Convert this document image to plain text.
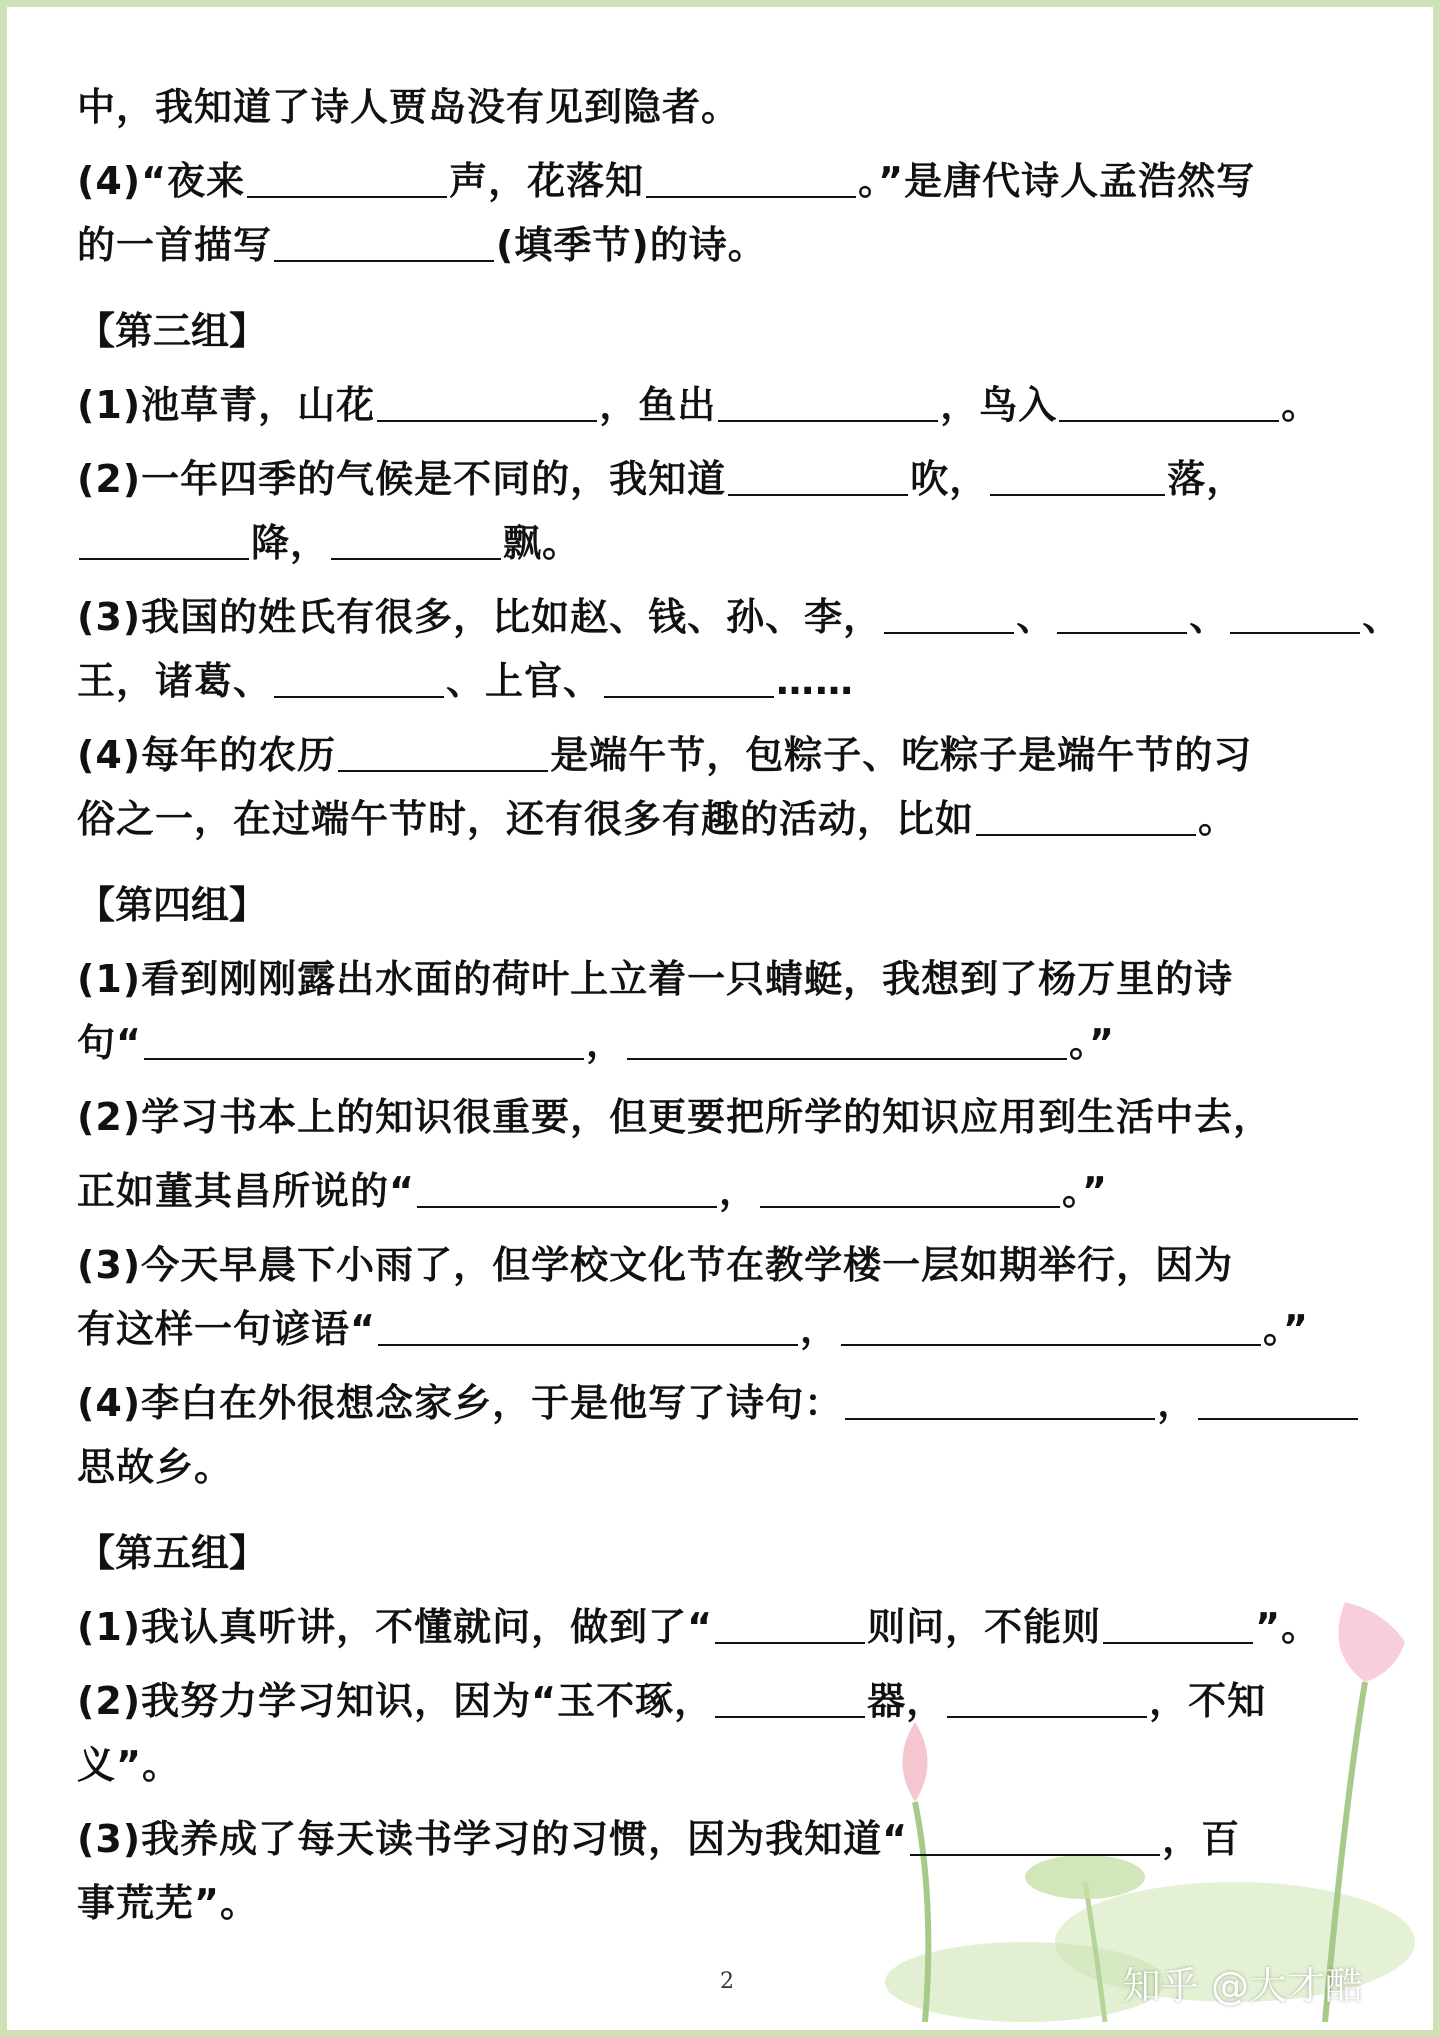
中，我知道了诗人贾岛没有见到隐者。
(4)“夜来	声，花落知	。”是唐代诗人孟浩然写
的一首描写	(填季节)的诗。
【第三组】
(1)池草青，山花	，鱼出	，鸟入	。
(2)一年四季的气候是不同的，我知道	吹，	落，
降，	飘。
(3)我国的姓氏有很多，比如赵、钱、孙、李，	、	、	、
王，诸葛、	、上官、	……
(4)每年的农历	是端午节，包粽子、吃粽子是端午节的习
俗之一，在过端午节时，还有很多有趣的活动，比如	。
【第四组】
(1)看到刚刚露出水面的荷叶上立着一只蜻蜓，我想到了杨万里的诗
句“	，	。”
(2)学习书本上的知识很重要，但更要把所学的知识应用到生活中去，
正如董其昌所说的“	，	。”
(3)今天早晨下小雨了，但学校文化节在教学楼一层如期举行，因为
有这样一句谚语“	，	。”
(4)李白在外很想念家乡，于是他写了诗句：	，
思故乡。
【第五组】
(1)我认真听讲，不懂就问，做到了“	则问，不能则	”。
(2)我努力学习知识，因为“玉不琢，	器，	，不知
义”。
(3)我养成了每天读书学习的习惯，因为我知道“	，百
事荒芜”。
2	知乎 @大才酷
